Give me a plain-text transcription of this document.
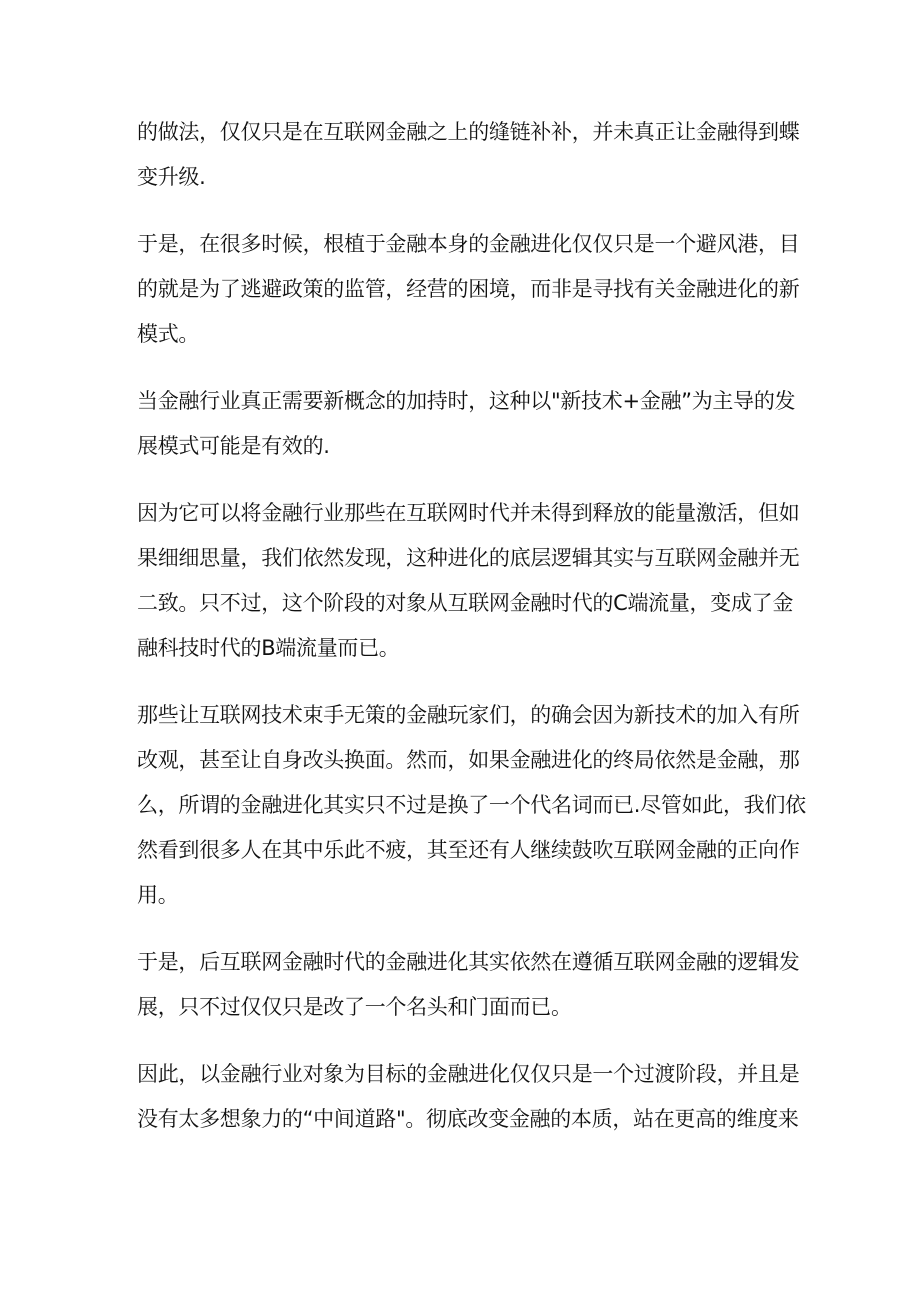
的做法，仅仅只是在互联网金融之上的缝链补补，并未真正让金融得到蝶
变升级.

于是，在很多时候，根植于金融本身的金融进化仅仅只是一个避风港，目
的就是为了逃避政策的监管，经营的困境，而非是寻找有关金融进化的新
模式。

当金融行业真正需要新概念的加持时，这种以"新技术+金融”为主导的发
展模式可能是有效的.

因为它可以将金融行业那些在互联网时代并未得到释放的能量激活，但如
果细细思量，我们依然发现，这种进化的底层逻辑其实与互联网金融并无
二致。只不过，这个阶段的对象从互联网金融时代的C端流量，变成了金
融科技时代的B端流量而已。

那些让互联网技术束手无策的金融玩家们，的确会因为新技术的加入有所
改观，甚至让自身改头换面。然而，如果金融进化的终局依然是金融，那
么，所谓的金融进化其实只不过是换了一个代名词而已.尽管如此，我们依
然看到很多人在其中乐此不疲，其至还有人继续鼓吹互联网金融的正向作
用。

于是，后互联网金融时代的金融进化其实依然在遵循互联网金融的逻辑发
展，只不过仅仅只是改了一个名头和门面而已。

因此，以金融行业对象为目标的金融进化仅仅只是一个过渡阶段，并且是
没有太多想象力的“中间道路"。彻底改变金融的本质，站在更高的维度来
